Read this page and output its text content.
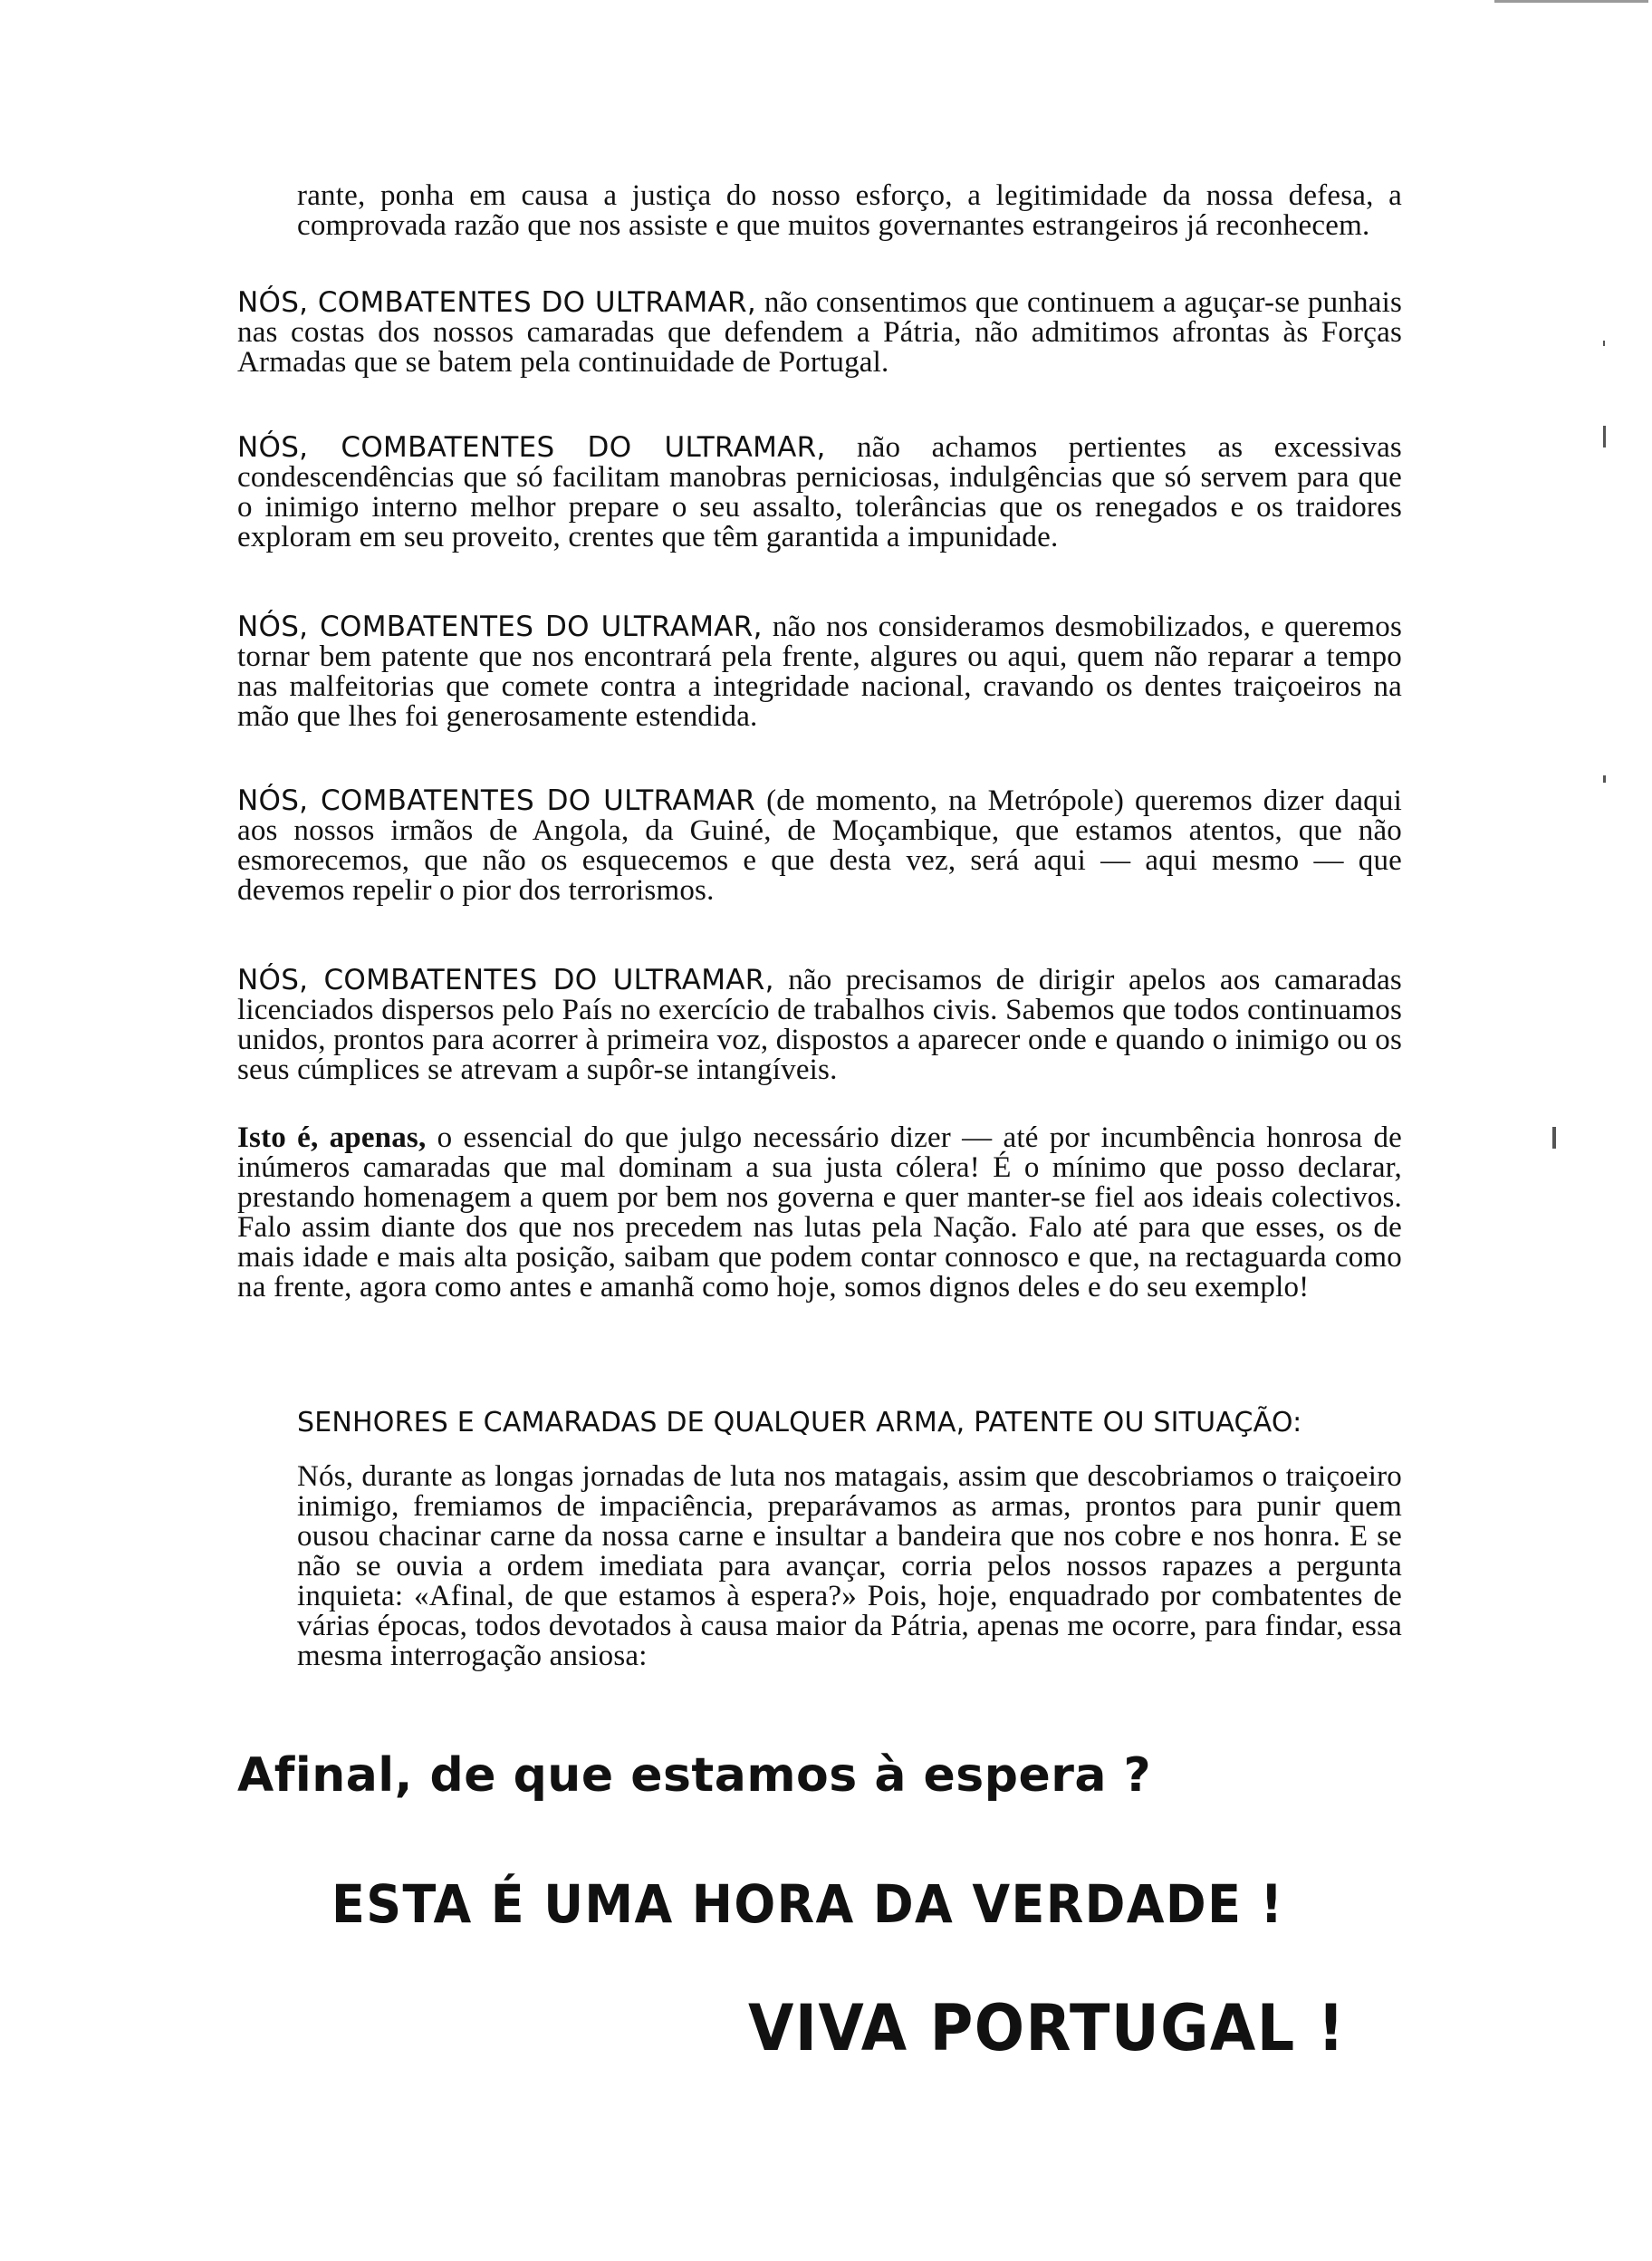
rante, ponha em causa a justiça do nosso esforço, a legitimidade da nossa defesa, a comprovada razão que nos assiste e que muitos governantes estrangeiros já reconhecem.

NÓS, COMBATENTES DO ULTRAMAR, não consentimos que continuem a aguçar-se punhais nas costas dos nossos camaradas que defendem a Pátria, não admitimos afrontas às Forças Armadas que se batem pela continuidade de Portugal.

NÓS, COMBATENTES DO ULTRAMAR, não achamos pertientes as excessivas condescendências que só facilitam manobras perniciosas, indulgências que só servem para que o inimigo interno melhor prepare o seu assalto, tolerâncias que os renegados e os traidores exploram em seu proveito, crentes que têm garantida a impunidade.

NÓS, COMBATENTES DO ULTRAMAR, não nos consideramos desmobilizados, e queremos tornar bem patente que nos encontrará pela frente, algures ou aqui, quem não reparar a tempo nas malfeitorias que comete contra a integridade nacional, cravando os dentes traiçoeiros na mão que lhes foi generosamente estendida.

NÓS, COMBATENTES DO ULTRAMAR (de momento, na Metrópole) queremos dizer daqui aos nossos irmãos de Angola, da Guiné, de Moçambique, que estamos atentos, que não esmorecemos, que não os esquecemos e que desta vez, será aqui — aqui mesmo — que devemos repelir o pior dos terrorismos.

NÓS, COMBATENTES DO ULTRAMAR, não precisamos de dirigir apelos aos camaradas licenciados dispersos pelo País no exercício de trabalhos civis. Sabemos que todos continuamos unidos, prontos para acorrer à primeira voz, dispostos a aparecer onde e quando o inimigo ou os seus cúmplices se atrevam a supôr-se intangíveis.

Isto é, apenas, o essencial do que julgo necessário dizer — até por incumbência honrosa de inúmeros camaradas que mal dominam a sua justa cólera! É o mínimo que posso declarar, prestando homenagem a quem por bem nos governa e quer manter-se fiel aos ideais colectivos. Falo assim diante dos que nos precedem nas lutas pela Nação. Falo até para que esses, os de mais idade e mais alta posição, saibam que podem contar connosco e que, na rectaguarda como na frente, agora como antes e amanhã como hoje, somos dignos deles e do seu exemplo!

SENHORES E CAMARADAS DE QUALQUER ARMA, PATENTE OU SITUAÇÃO:

Nós, durante as longas jornadas de luta nos matagais, assim que descobriamos o traiçoeiro inimigo, fremiamos de impaciência, preparávamos as armas, prontos para punir quem ousou chacinar carne da nossa carne e insultar a bandeira que nos cobre e nos honra. E se não se ouvia a ordem imediata para avançar, corria pelos nossos rapazes a pergunta inquieta: «Afinal, de que estamos à espera?» Pois, hoje, enquadrado por combatentes de várias épocas, todos devotados à causa maior da Pátria, apenas me ocorre, para findar, essa mesma interrogação ansiosa:

Afinal, de que estamos à espera ?
ESTA É UMA HORA DA VERDADE !
VIVA PORTUGAL !
